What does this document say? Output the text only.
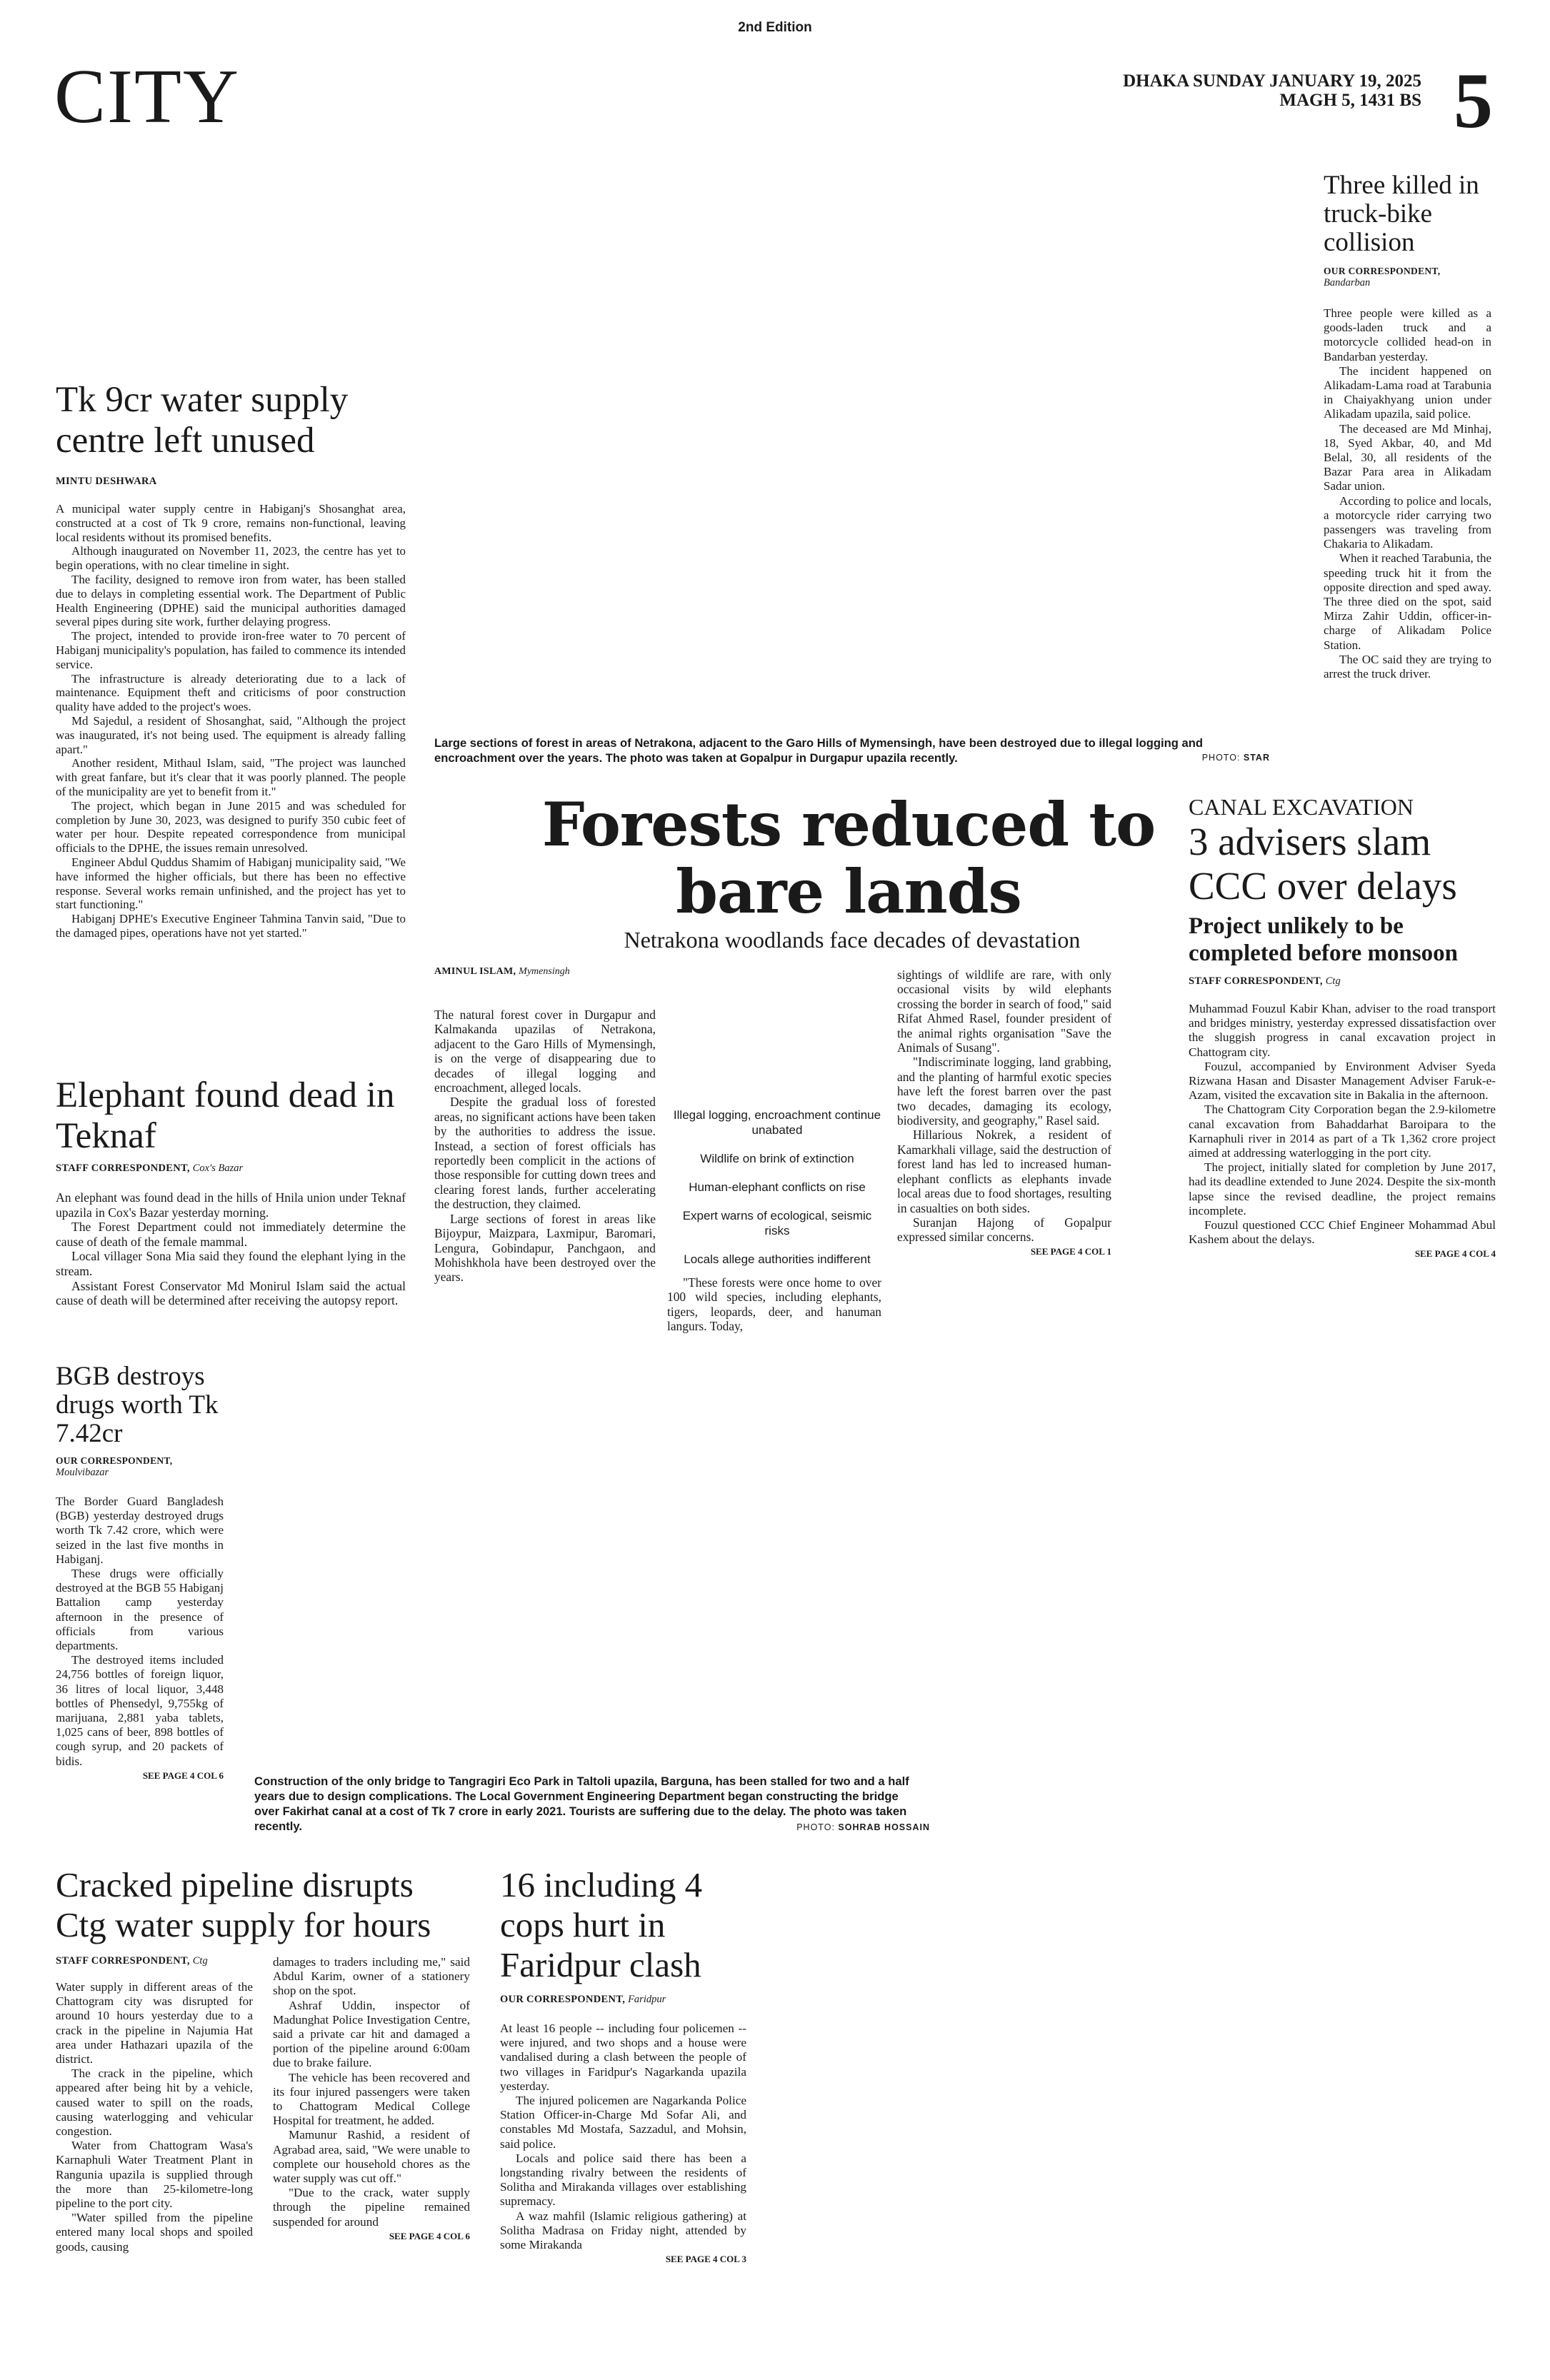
2nd Edition
CITY	DHAKA SUNDAY JANUARY 19, 2025
MAGH 5, 1431 BS 5
Tk 9cr water supply centre left unused
MINTU DESHWARA

A municipal water supply centre in Habiganj's Shosanghat area, constructed at a cost of Tk 9 crore, remains non-functional, leaving local residents without its promised benefits.

Although inaugurated on November 11, 2023, the centre has yet to begin operations, with no clear timeline in sight.

The facility, designed to remove iron from water, has been stalled due to delays in completing essential work. The Department of Public Health Engineering (DPHE) said the municipal authorities damaged several pipes during site work, further delaying progress.

The project, intended to provide iron-free water to 70 percent of Habiganj municipality's population, has failed to commence its intended service.

The infrastructure is already deteriorating due to a lack of maintenance. Equipment theft and criticisms of poor construction quality have added to the project's woes.

Md Sajedul, a resident of Shosanghat, said, "Although the project was inaugurated, it's not being used. The equipment is already falling apart."

Another resident, Mithaul Islam, said, "The project was launched with great fanfare, but it's clear that it was poorly planned. The people of the municipality are yet to benefit from it."

The project, which began in June 2015 and was scheduled for completion by June 30, 2023, was designed to purify 350 cubic feet of water per hour. Despite repeated correspondence from municipal officials to the DPHE, the issues remain unresolved.

Engineer Abdul Quddus Shamim of Habiganj municipality said, "We have informed the higher officials, but there has been no effective response. Several works remain unfinished, and the project has yet to start functioning."

Habiganj DPHE's Executive Engineer Tahmina Tanvin said, "Due to the damaged pipes, operations have not yet started."

Elephant found dead in Teknaf
STAFF CORRESPONDENT, Cox's Bazar

An elephant was found dead in the hills of Hnila union under Teknaf upazila in Cox's Bazar yesterday morning.

The Forest Department could not immediately determine the cause of death of the female mammal.

Local villager Sona Mia said they found the elephant lying in the stream.

Assistant Forest Conservator Md Monirul Islam said the actual cause of death will be determined after receiving the autopsy report.

Three killed in truck-bike collision
OUR CORRESPONDENT,
Bandarban

Three people were killed as a goods-laden truck and a motorcycle collided head-on in Bandarban yesterday.

The incident happened on Alikadam-Lama road at Tarabunia in Chaiyakhyang union under Alikadam upazila, said police.

The deceased are Md Minhaj, 18, Syed Akbar, 40, and Md Belal, 30, all residents of the Bazar Para area in Alikadam Sadar union.

According to police and locals, a motorcycle rider carrying two passengers was traveling from Chakaria to Alikadam.

When it reached Tarabunia, the speeding truck hit it from the opposite direction and sped away. The three died on the spot, said Mirza Zahir Uddin, officer-in-charge of Alikadam Police Station.

The OC said they are trying to arrest the truck driver.

Large sections of forest in areas of Netrakona, adjacent to the Garo Hills of Mymensingh, have been destroyed due to illegal logging and encroachment over the years. The photo was taken at Gopalpur in Durgapur upazila recently.	PHOTO: STAR
Forests reduced to bare lands
Netrakona woodlands face decades of devastation
AMINUL ISLAM, Mymensingh

The natural forest cover in Durgapur and Kalmakanda upazilas of Netrakona, adjacent to the Garo Hills of Mymensingh, is on the verge of disappearing due to decades of illegal logging and encroachment, alleged locals.

Despite the gradual loss of forested areas, no significant actions have been taken by the authorities to address the issue. Instead, a section of forest officials has reportedly been complicit in the actions of those responsible for cutting down trees and clearing forest lands, further accelerating the destruction, they claimed.

Large sections of forest in areas like Bijoypur, Maizpara, Laxmipur, Baromari, Lengura, Gobindapur, Panchgaon, and Mohishkhola have been destroyed over the years.

Illegal logging, encroachment continue unabated
Wildlife on brink of extinction
Human-elephant conflicts on rise
Expert warns of ecological, seismic risks
Locals allege authorities indifferent

"These forests were once home to over 100 wild species, including elephants, tigers, leopards, deer, and hanuman langurs. Today,

sightings of wildlife are rare, with only occasional visits by wild elephants crossing the border in search of food," said Rifat Ahmed Rasel, founder president of the animal rights organisation "Save the Animals of Susang".

"Indiscriminate logging, land grabbing, and the planting of harmful exotic species have left the forest barren over the past two decades, damaging its ecology, biodiversity, and geography," Rasel said.

Hillarious Nokrek, a resident of Kamarkhali village, said the destruction of forest land has led to increased human-elephant conflicts as elephants invade local areas due to food shortages, resulting in casualties on both sides.

Suranjan Hajong of Gopalpur expressed similar concerns.

SEE PAGE 4 COL 1
CANAL EXCAVATION
3 advisers slam CCC over delays
Project unlikely to be completed before monsoon
STAFF CORRESPONDENT, Ctg

Muhammad Fouzul Kabir Khan, adviser to the road transport and bridges ministry, yesterday expressed dissatisfaction over the sluggish progress in canal excavation project in Chattogram city.

Fouzul, accompanied by Environment Adviser Syeda Rizwana Hasan and Disaster Management Adviser Faruk-e-Azam, visited the excavation site in Bakalia in the afternoon.

The Chattogram City Corporation began the 2.9-kilometre canal excavation from Bahaddarhat Baroipara to the Karnaphuli river in 2014 as part of a Tk 1,362 crore project aimed at addressing waterlogging in the port city.

The project, initially slated for completion by June 2017, had its deadline extended to June 2024. Despite the six-month lapse since the revised deadline, the project remains incomplete.

Fouzul questioned CCC Chief Engineer Mohammad Abul Kashem about the delays.

SEE PAGE 4 COL 4
BGB destroys drugs worth Tk 7.42cr
OUR CORRESPONDENT,
Moulvibazar

The Border Guard Bangladesh (BGB) yesterday destroyed drugs worth Tk 7.42 crore, which were seized in the last five months in Habiganj.

These drugs were officially destroyed at the BGB 55 Habiganj Battalion camp yesterday afternoon in the presence of officials from various departments.

The destroyed items included 24,756 bottles of foreign liquor, 36 litres of local liquor, 3,448 bottles of Phensedyl, 9,755kg of marijuana, 2,881 yaba tablets, 1,025 cans of beer, 898 bottles of cough syrup, and 20 packets of bidis.

SEE PAGE 4 COL 6	Construction of the only bridge to Tangragiri Eco Park in Taltoli upazila, Barguna, has been stalled for two and a half years due to design complications. The Local Government Engineering Department began constructing the bridge over Fakirhat canal at a cost of Tk 7 crore in early 2021. Tourists are suffering due to the delay. The photo was taken recently.	PHOTO: SOHRAB HOSSAIN
Cracked pipeline disrupts Ctg water supply for hours
STAFF CORRESPONDENT, Ctg

Water supply in different areas of the Chattogram city was disrupted for around 10 hours yesterday due to a crack in the pipeline in Najumia Hat area under Hathazari upazila of the district.

The crack in the pipeline, which appeared after being hit by a vehicle, caused water to spill on the roads, causing waterlogging and vehicular congestion.

Water from Chattogram Wasa's Karnaphuli Water Treatment Plant in Rangunia upazila is supplied through the more than 25-kilometre-long pipeline to the port city.

"Water spilled from the pipeline entered many local shops and spoiled goods, causing

damages to traders including me," said Abdul Karim, owner of a stationery shop on the spot.

Ashraf Uddin, inspector of Madunghat Police Investigation Centre, said a private car hit and damaged a portion of the pipeline around 6:00am due to brake failure.

The vehicle has been recovered and its four injured passengers were taken to Chattogram Medical College Hospital for treatment, he added.

Mamunur Rashid, a resident of Agrabad area, said, "We were unable to complete our household chores as the water supply was cut off."

"Due to the crack, water supply through the pipeline remained suspended for around

SEE PAGE 4 COL 6
16 including 4 cops hurt in Faridpur clash
OUR CORRESPONDENT, Faridpur

At least 16 people -- including four policemen -- were injured, and two shops and a house were vandalised during a clash between the people of two villages in Faridpur's Nagarkanda upazila yesterday.

The injured policemen are Nagarkanda Police Station Officer-in-Charge Md Sofar Ali, and constables Md Mostafa, Sazzadul, and Mohsin, said police.

Locals and police said there has been a longstanding rivalry between the residents of Solitha and Mirakanda villages over establishing supremacy.

A waz mahfil (Islamic religious gathering) at Solitha Madrasa on Friday night, attended by some Mirakanda

SEE PAGE 4 COL 3
